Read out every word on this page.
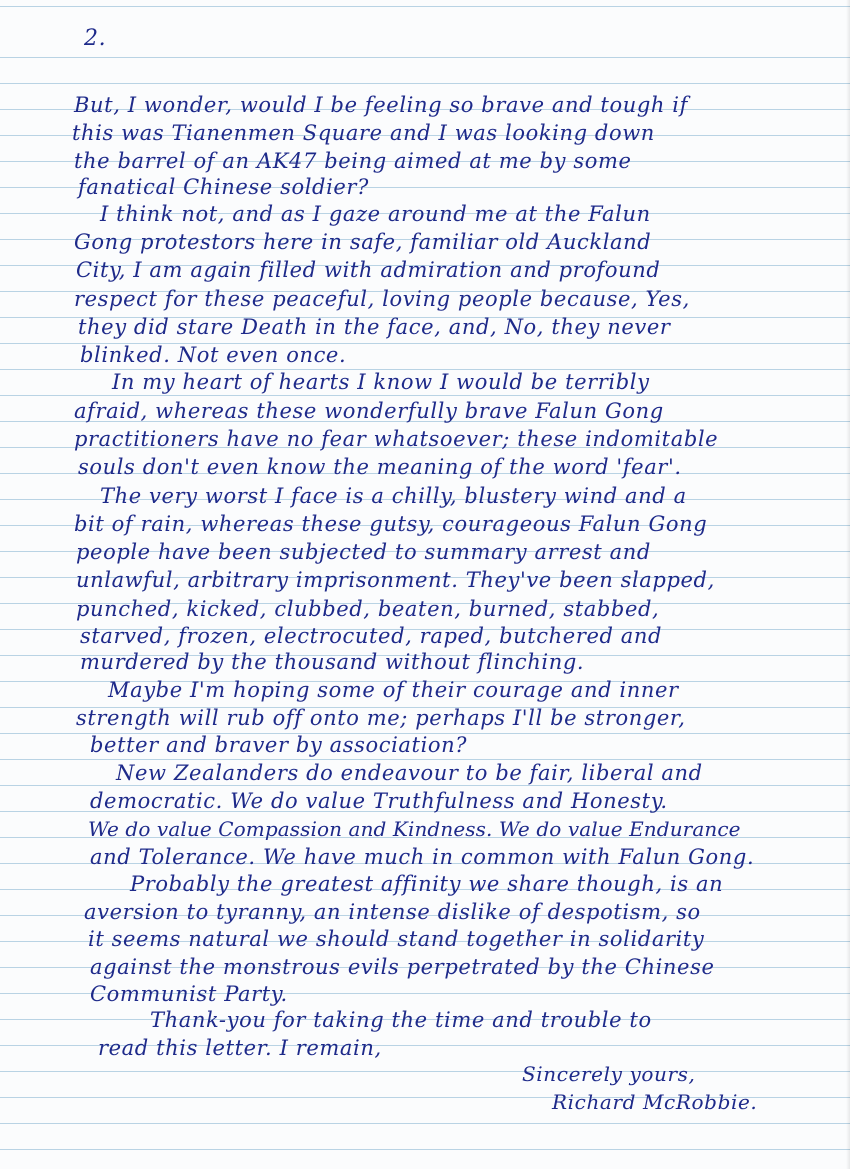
2.
But, I wonder, would I be feeling so brave and tough if
this was Tianenmen Square and I was looking down
the barrel of an AK47 being aimed at me by some
fanatical Chinese soldier?
I think not, and as I gaze around me at the Falun
Gong protestors here in safe, familiar old Auckland
City, I am again filled with admiration and profound
respect for these peaceful, loving people because, Yes,
they did stare Death in the face, and, No, they never
blinked. Not even once.
In my heart of hearts I know I would be terribly
afraid, whereas these wonderfully brave Falun Gong
practitioners have no fear whatsoever; these indomitable
souls don't even know the meaning of the word 'fear'.
The very worst I face is a chilly, blustery wind and a
bit of rain, whereas these gutsy, courageous Falun Gong
people have been subjected to summary arrest and
unlawful, arbitrary imprisonment. They've been slapped,
punched, kicked, clubbed, beaten, burned, stabbed,
starved, frozen, electrocuted, raped, butchered and
murdered by the thousand without flinching.
Maybe I'm hoping some of their courage and inner
strength will rub off onto me; perhaps I'll be stronger,
better and braver by association?
New Zealanders do endeavour to be fair, liberal and
democratic. We do value Truthfulness and Honesty.
We do value Compassion and Kindness. We do value Endurance
and Tolerance. We have much in common with Falun Gong.
Probably the greatest affinity we share though, is an
aversion to tyranny, an intense dislike of despotism, so
it seems natural we should stand together in solidarity
against the monstrous evils perpetrated by the Chinese
Communist Party.
Thank-you for taking the time and trouble to
read this letter. I remain,
Sincerely yours,
Richard McRobbie.
